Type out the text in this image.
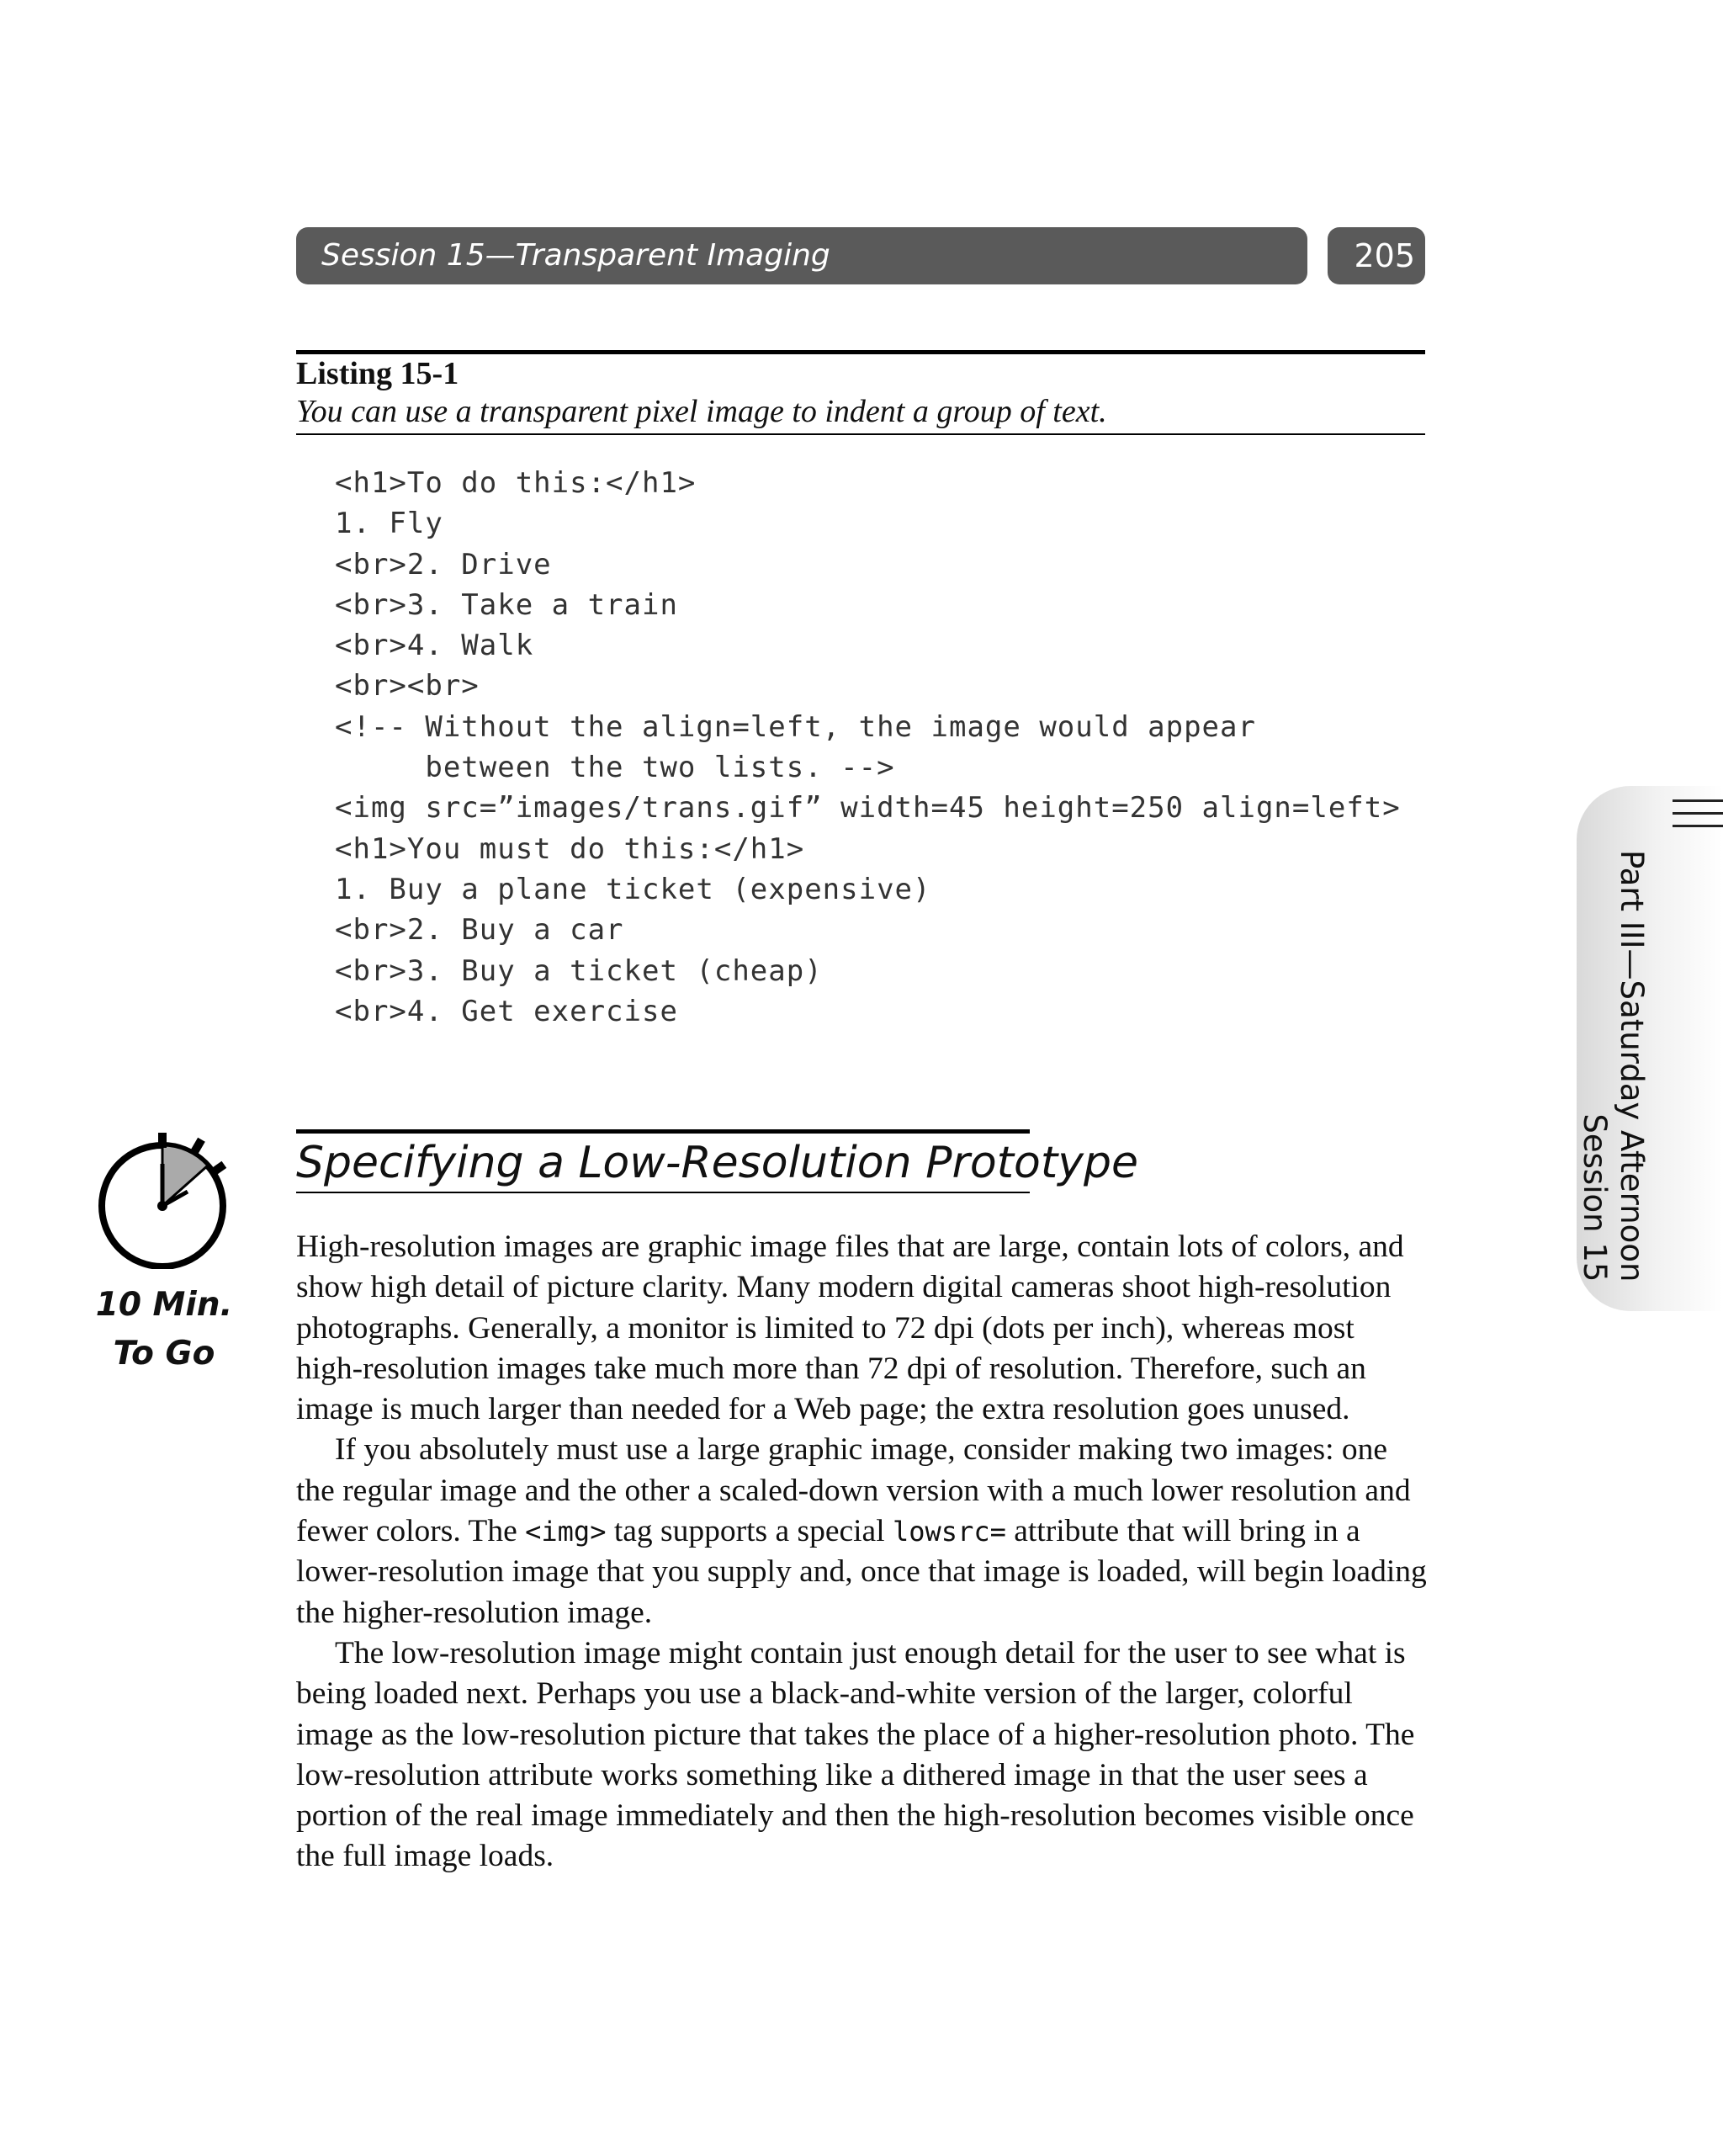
Session 15—Transparent Imaging	205
Listing 15-1
You can use a transparent pixel image to indent a group of text.
<h1>To do this:</h1>
1. Fly
<br>2. Drive
<br>3. Take a train
<br>4. Walk
<br><br>
<!-- Without the align=left, the image would appear
between the two lists. -->
<img src=”images/trans.gif” width=45 height=250 align=left>
<h1>You must do this:</h1>
1. Buy a plane ticket (expensive)
<br>2. Buy a car
<br>3. Buy a ticket (cheap)
<br>4. Get exercise
10 Min.
To Go
Specifying a Low-Resolution Prototype

High-resolution images are graphic image files that are large, contain lots of colors, and show high detail of picture clarity. Many modern digital cameras shoot high-resolution photographs. Generally, a monitor is limited to 72 dpi (dots per inch), whereas most high-resolution images take much more than 72 dpi of resolution. Therefore, such an image is much larger than needed for a Web page; the extra resolution goes unused.

If you absolutely must use a large graphic image, consider making two images: one the regular image and the other a scaled-down version with a much lower resolution and fewer colors. The <img> tag supports a special lowsrc= attribute that will bring in a lower-resolution image that you supply and, once that image is loaded, will begin loading the higher-resolution image.

The low-resolution image might contain just enough detail for the user to see what is being loaded next. Perhaps you use a black-and-white version of the larger, colorful image as the low-resolution picture that takes the place of a higher-resolution photo. The low-resolution attribute works something like a dithered image in that the user sees a portion of the real image immediately and then the high-resolution becomes visible once the full image loads.

Part III—Saturday Afternoon
Session 15
